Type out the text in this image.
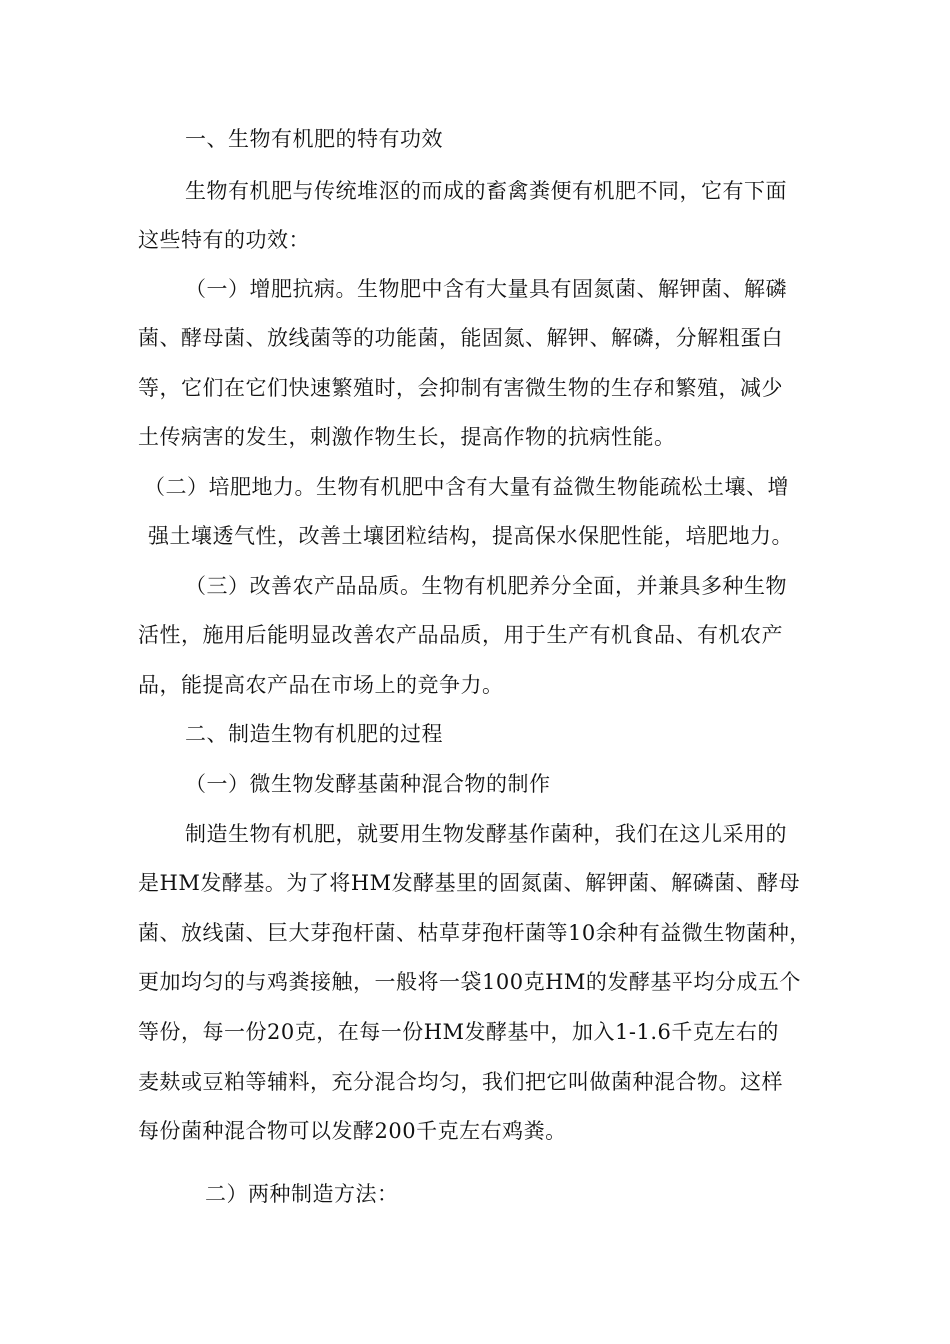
一、生物有机肥的特有功效
生物有机肥与传统堆沤的而成的畜禽粪便有机肥不同，它有下面
这些特有的功效：
（一）增肥抗病。生物肥中含有大量具有固氮菌、解钾菌、解磷
菌、酵母菌、放线菌等的功能菌，能固氮、解钾、解磷，分解粗蛋白
等，它们在它们快速繁殖时，会抑制有害微生物的生存和繁殖，减少
土传病害的发生，刺激作物生长，提高作物的抗病性能。
（二）培肥地力。生物有机肥中含有大量有益微生物能疏松土壤、增
强土壤透气性，改善土壤团粒结构，提高保水保肥性能，培肥地力。
（三）改善农产品品质。生物有机肥养分全面，并兼具多种生物
活性，施用后能明显改善农产品品质，用于生产有机食品、有机农产
品，能提高农产品在市场上的竞争力。
二、制造生物有机肥的过程
（一）微生物发酵基菌种混合物的制作
制造生物有机肥，就要用生物发酵基作菌种，我们在这儿采用的
是HM发酵基。为了将HM发酵基里的固氮菌、解钾菌、解磷菌、酵母
菌、放线菌、巨大芽孢杆菌、枯草芽孢杆菌等10余种有益微生物菌种，
更加均匀的与鸡粪接触，一般将一袋100克HM的发酵基平均分成五个
等份，每一份20克，在每一份HM发酵基中，加入1-1.6千克左右的
麦麸或豆粕等辅料，充分混合均匀，我们把它叫做菌种混合物。这样
每份菌种混合物可以发酵200千克左右鸡粪。
二）两种制造方法：
